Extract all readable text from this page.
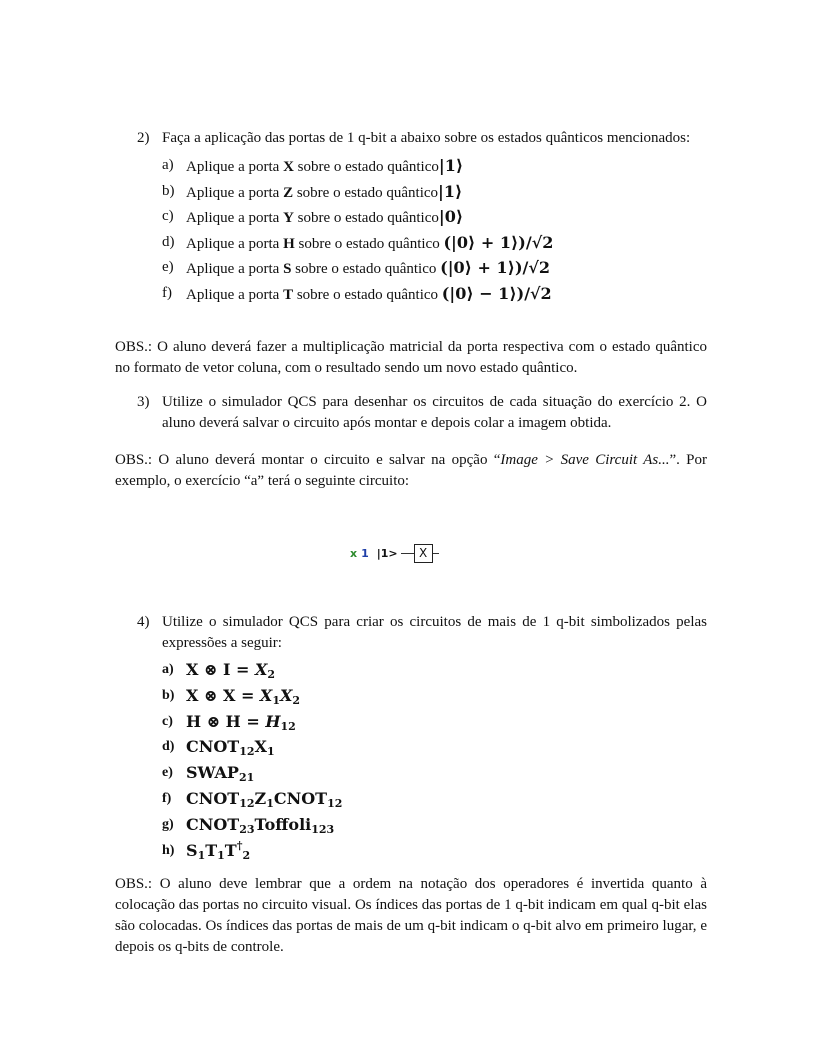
2) Faça a aplicação das portas de 1 q-bit a abaixo sobre os estados quânticos mencionados:
a) Aplique a porta X sobre o estado quântico|1⟩
b) Aplique a porta Z sobre o estado quântico|1⟩
c) Aplique a porta Y sobre o estado quântico|0⟩
d) Aplique a porta H sobre o estado quântico (|0⟩ + 1⟩)/√2
e) Aplique a porta S sobre o estado quântico (|0⟩ + 1⟩)/√2
f) Aplique a porta T sobre o estado quântico (|0⟩ − 1⟩)/√2
OBS.: O aluno deverá fazer a multiplicação matricial da porta respectiva com o estado quântico no formato de vetor coluna, com o resultado sendo um novo estado quântico.
3) Utilize o simulador QCS para desenhar os circuitos de cada situação do exercício 2. O aluno deverá salvar o circuito após montar e depois colar a imagem obtida.
OBS.: O aluno deverá montar o circuito e salvar na opção “Image > Save Circuit As...”. Por exemplo, o exercício “a” terá o seguinte circuito:
x 1 |1>	X
4) Utilize o simulador QCS para criar os circuitos de mais de 1 q-bit simbolizados pelas expressões a seguir:
a) X ⊗ $I = X_2$
b) X ⊗ $X = X_1X_2$
c) H ⊗ $H = H_{12}$
d) $CNOT_{12}X_1$
e) $SWAP_{21}$
f) $CNOT_{12}Z_1CNOT_{12}$
g) $CNOT_{23}Toffoli_{123}$
h) $S_1T_1T^\dagger_2$
OBS.: O aluno deve lembrar que a ordem na notação dos operadores é invertida quanto à colocação das portas no circuito visual. Os índices das portas de 1 q-bit indicam em qual q-bit elas são colocadas. Os índices das portas de mais de um q-bit indicam o q-bit alvo em primeiro lugar, e depois os q-bits de controle.
